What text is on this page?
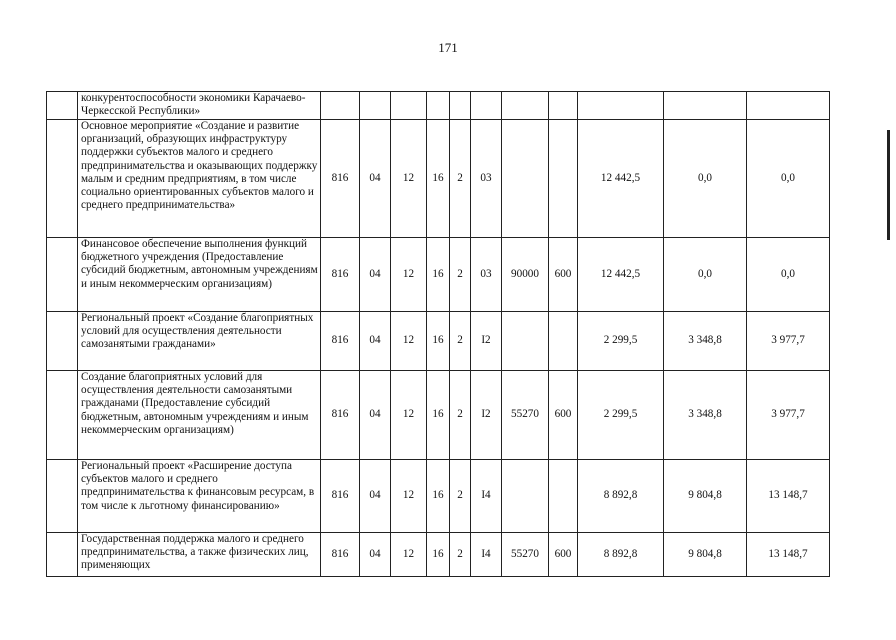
171

	конкурентоспособности экономики Карачаево-Черкесской Республики»											

	Основное мероприятие «Создание и развитие организаций, образующих инфраструктуру поддержки субъектов малого и среднего предпринимательства и оказывающих поддержку малым и средним предприятиям, в том числе социально ориентированных субъектов малого и среднего предпринимательства»	816	04	12	16	2	03			12 442,5	0,0	0,0

	Финансовое обеспечение выполнения функций бюджетного учреждения (Предоставление субсидий бюджетным, автономным учреждениям и иным некоммерческим организациям)	816	04	12	16	2	03	90000	600	12 442,5	0,0	0,0

	Региональный проект «Создание благоприятных условий для осуществления деятельности самозанятыми гражданами»	816	04	12	16	2	I2			2 299,5	3 348,8	3 977,7

	Создание благоприятных условий для осуществления деятельности самозанятыми гражданами (Предоставление субсидий бюджетным, автономным учреждениям и иным некоммерческим организациям)	816	04	12	16	2	I2	55270	600	2 299,5	3 348,8	3 977,7

	Региональный проект «Расширение доступа субъектов малого и среднего предпринимательства к финансовым ресурсам, в том числе к льготному финансированию»	816	04	12	16	2	I4			8 892,8	9 804,8	13 148,7

	Государственная поддержка малого и среднего предпринимательства, а также физических лиц, применяющих	816	04	12	16	2	I4	55270	600	8 892,8	9 804,8	13 148,7
